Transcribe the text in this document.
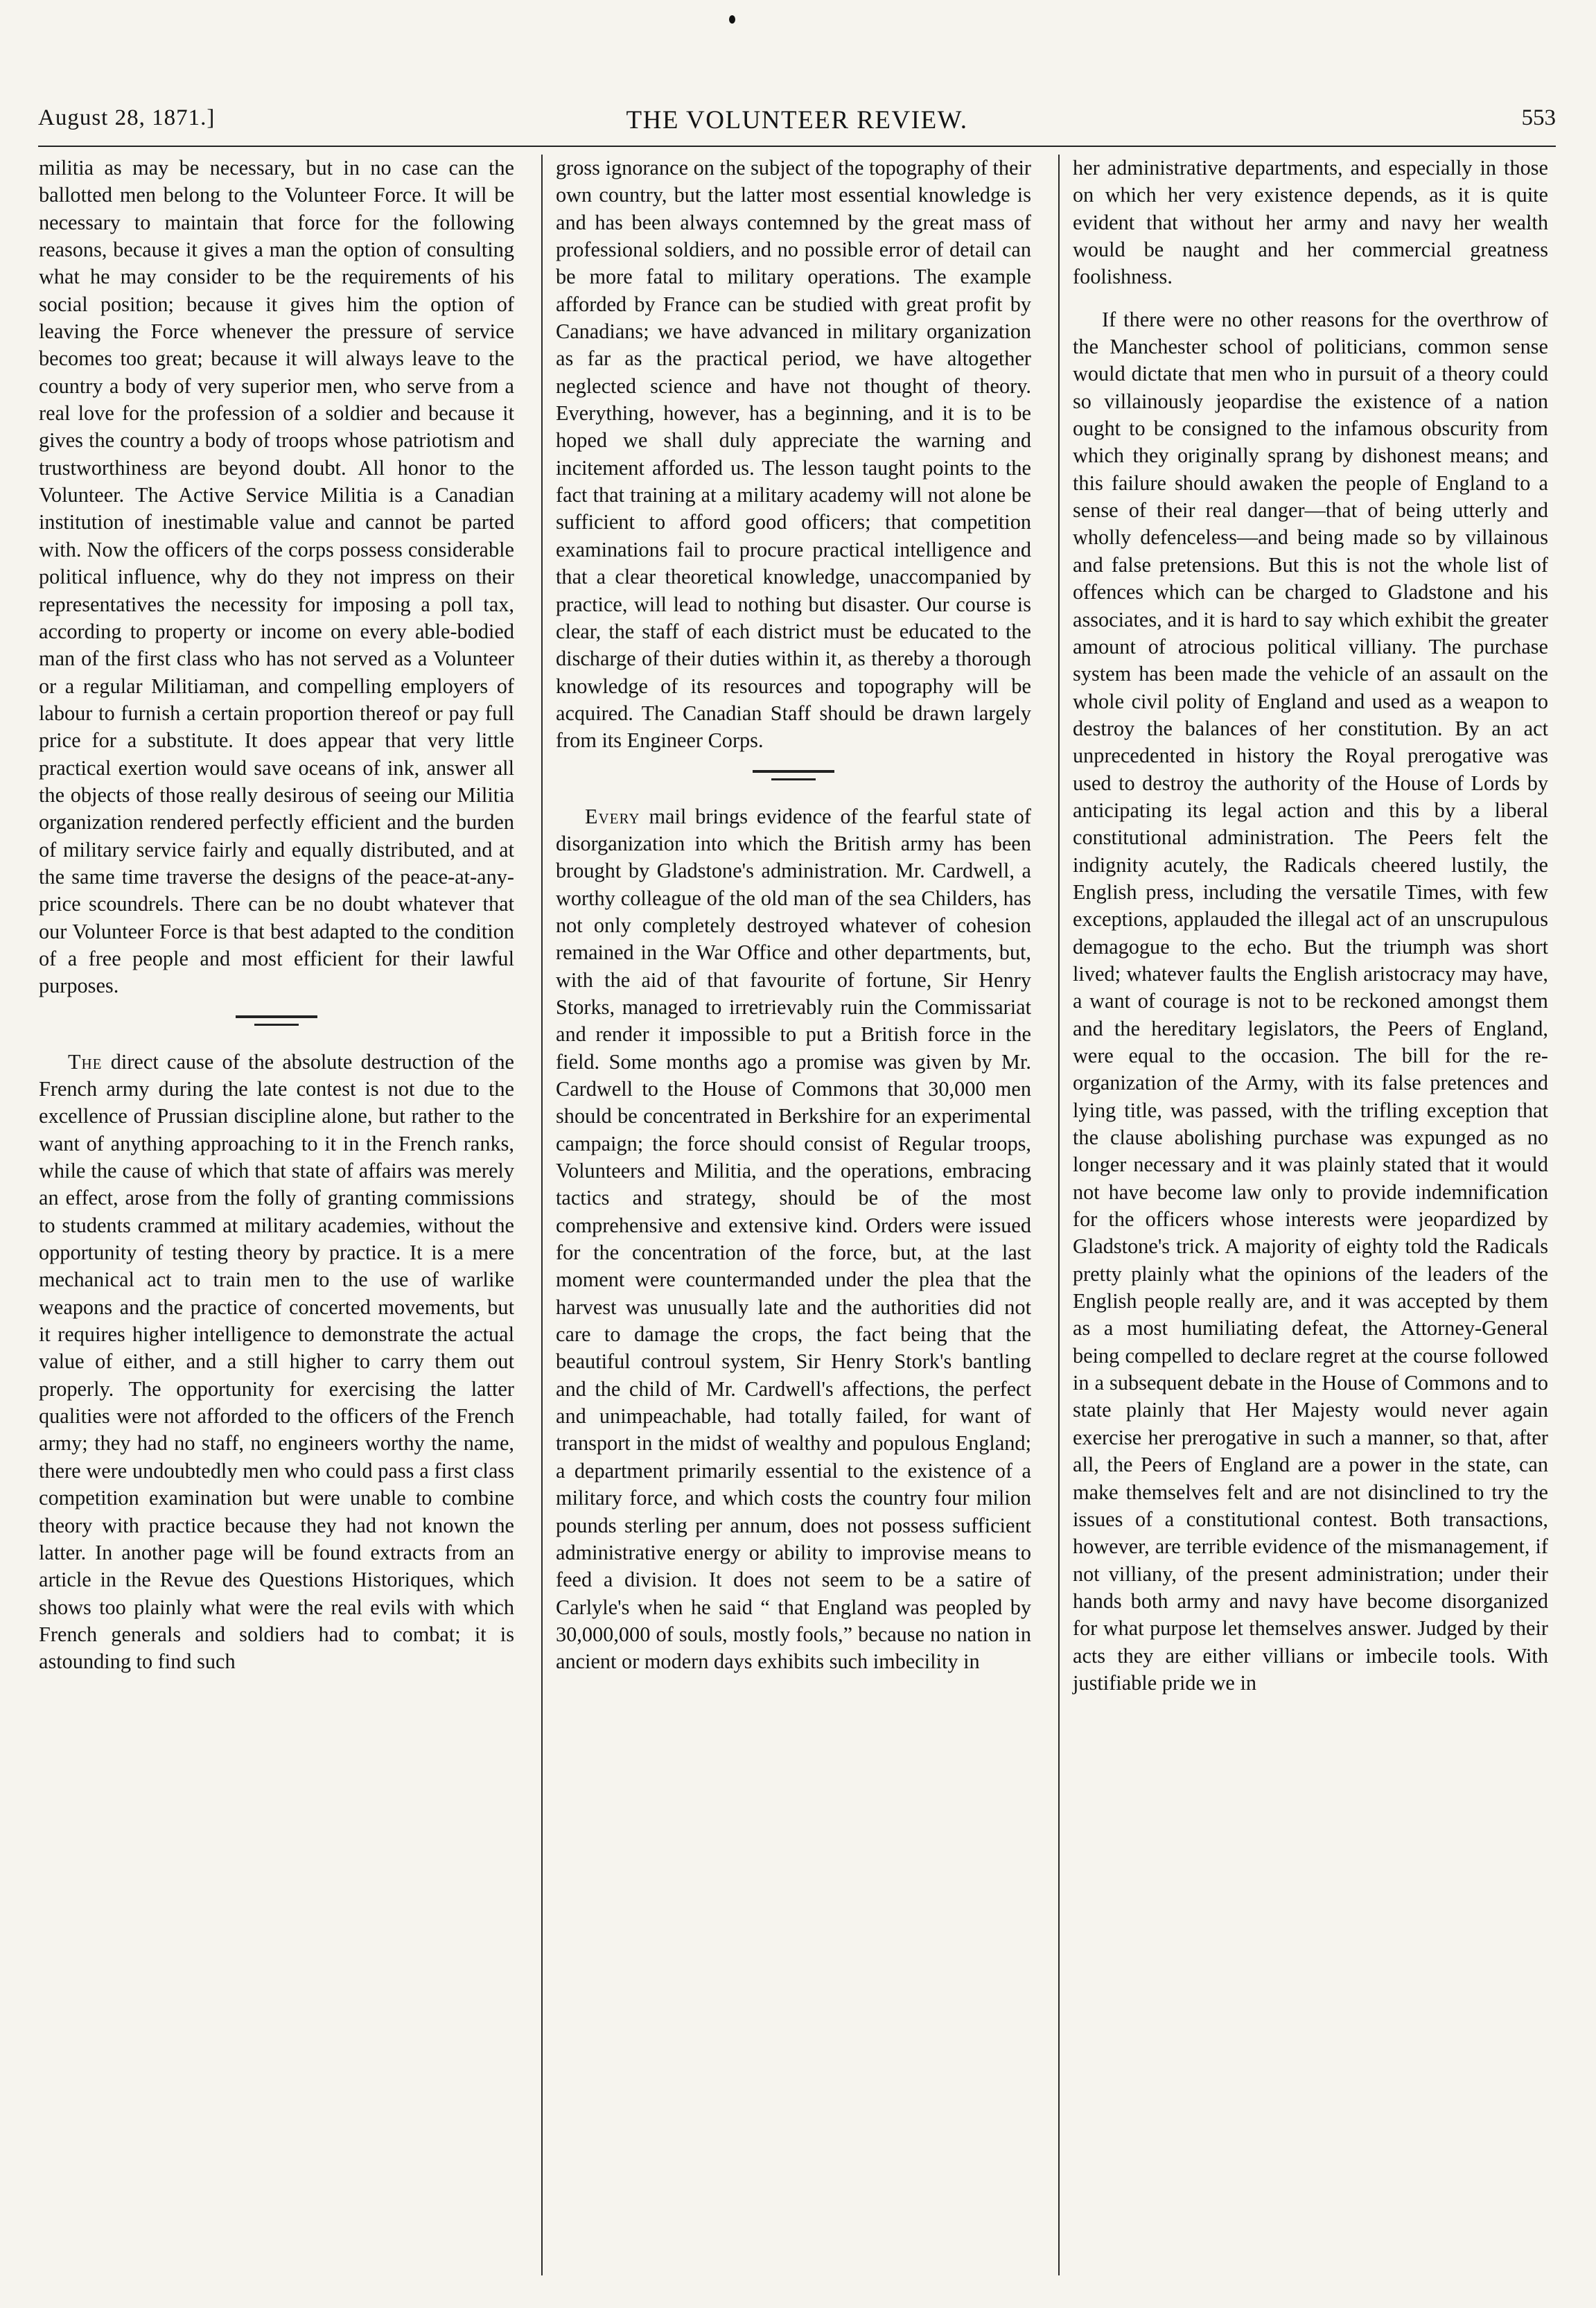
August 28, 1871.]	THE VOLUNTEER REVIEW.	553

militia as may be necessary, but in no case can the ballotted men belong to the Volunteer Force. It will be necessary to maintain that force for the following reasons, because it gives a man the option of consulting what he may consider to be the requirements of his social position; because it gives him the option of leaving the Force whenever the pressure of service becomes too great; because it will always leave to the country a body of very superior men, who serve from a real love for the profession of a soldier and because it gives the country a body of troops whose patriotism and trustworthiness are beyond doubt. All honor to the Volunteer. The Active Service Militia is a Canadian institution of inestimable value and cannot be parted with. Now the officers of the corps possess considerable political influence, why do they not impress on their representatives the necessity for imposing a poll tax, according to property or income on every able-bodied man of the first class who has not served as a Volunteer or a regular Militiaman, and compelling employers of labour to furnish a certain proportion thereof or pay full price for a substitute. It does appear that very little practical exertion would save oceans of ink, answer all the objects of those really desirous of seeing our Militia organization rendered perfectly efficient and the burden of military service fairly and equally distributed, and at the same time traverse the designs of the peace-at-any-price scoundrels. There can be no doubt whatever that our Volunteer Force is that best adapted to the condition of a free people and most efficient for their lawful purposes.

The direct cause of the absolute destruction of the French army during the late contest is not due to the excellence of Prussian discipline alone, but rather to the want of anything approaching to it in the French ranks, while the cause of which that state of affairs was merely an effect, arose from the folly of granting commissions to students crammed at military academies, without the opportunity of testing theory by practice. It is a mere mechanical act to train men to the use of warlike weapons and the practice of concerted movements, but it requires higher intelligence to demonstrate the actual value of either, and a still higher to carry them out properly. The opportunity for exercising the latter qualities were not afforded to the officers of the French army; they had no staff, no engineers worthy the name, there were undoubtedly men who could pass a first class competition examination but were unable to combine theory with practice because they had not known the latter. In another page will be found extracts from an article in the Revue des Questions Historiques, which shows too plainly what were the real evils with which French generals and soldiers had to combat; it is astounding to find such

gross ignorance on the subject of the topography of their own country, but the latter most essential knowledge is and has been always contemned by the great mass of professional soldiers, and no possible error of detail can be more fatal to military operations. The example afforded by France can be studied with great profit by Canadians; we have advanced in military organization as far as the practical period, we have altogether neglected science and have not thought of theory. Everything, however, has a beginning, and it is to be hoped we shall duly appreciate the warning and incitement afforded us. The lesson taught points to the fact that training at a military academy will not alone be sufficient to afford good officers; that competition examinations fail to procure practical intelligence and that a clear theoretical knowledge, unaccompanied by practice, will lead to nothing but disaster. Our course is clear, the staff of each district must be educated to the discharge of their duties within it, as thereby a thorough knowledge of its resources and topography will be acquired. The Canadian Staff should be drawn largely from its Engineer Corps.

Every mail brings evidence of the fearful state of disorganization into which the British army has been brought by Gladstone's administration. Mr. Cardwell, a worthy colleague of the old man of the sea Childers, has not only completely destroyed whatever of cohesion remained in the War Office and other departments, but, with the aid of that favourite of fortune, Sir Henry Storks, managed to irretrievably ruin the Commissariat and render it impossible to put a British force in the field. Some months ago a promise was given by Mr. Cardwell to the House of Commons that 30,000 men should be concentrated in Berkshire for an experimental campaign; the force should consist of Regular troops, Volunteers and Militia, and the operations, embracing tactics and strategy, should be of the most comprehensive and extensive kind. Orders were issued for the concentration of the force, but, at the last moment were countermanded under the plea that the harvest was unusually late and the authorities did not care to damage the crops, the fact being that the beautiful controul system, Sir Henry Stork's bantling and the child of Mr. Cardwell's affections, the perfect and unimpeachable, had totally failed, for want of transport in the midst of wealthy and populous England; a department primarily essential to the existence of a military force, and which costs the country four milion pounds sterling per annum, does not possess sufficient administrative energy or ability to improvise means to feed a division. It does not seem to be a satire of Carlyle's when he said “ that England was peopled by 30,000,000 of souls, mostly fools,” because no nation in ancient or modern days exhibits such imbecility in

her administrative departments, and especially in those on which her very existence depends, as it is quite evident that without her army and navy her wealth would be naught and her commercial greatness foolishness.

If there were no other reasons for the overthrow of the Manchester school of politicians, common sense would dictate that men who in pursuit of a theory could so villainously jeopardise the existence of a nation ought to be consigned to the infamous obscurity from which they originally sprang by dishonest means; and this failure should awaken the people of England to a sense of their real danger—that of being utterly and wholly defenceless—and being made so by villainous and false pretensions. But this is not the whole list of offences which can be charged to Gladstone and his associates, and it is hard to say which exhibit the greater amount of atrocious political villiany. The purchase system has been made the vehicle of an assault on the whole civil polity of England and used as a weapon to destroy the balances of her constitution. By an act unprecedented in history the Royal prerogative was used to destroy the authority of the House of Lords by anticipating its legal action and this by a liberal constitutional administration. The Peers felt the indignity acutely, the Radicals cheered lustily, the English press, including the versatile Times, with few exceptions, applauded the illegal act of an unscrupulous demagogue to the echo. But the triumph was short lived; whatever faults the English aristocracy may have, a want of courage is not to be reckoned amongst them and the hereditary legislators, the Peers of England, were equal to the occasion. The bill for the re-organization of the Army, with its false pretences and lying title, was passed, with the trifling exception that the clause abolishing purchase was expunged as no longer necessary and it was plainly stated that it would not have become law only to provide indemnification for the officers whose interests were jeopardized by Gladstone's trick. A majority of eighty told the Radicals pretty plainly what the opinions of the leaders of the English people really are, and it was accepted by them as a most humiliating defeat, the Attorney-General being compelled to declare regret at the course followed in a subsequent debate in the House of Commons and to state plainly that Her Majesty would never again exercise her prerogative in such a manner, so that, after all, the Peers of England are a power in the state, can make themselves felt and are not disinclined to try the issues of a constitutional contest. Both transactions, however, are terrible evidence of the mismanagement, if not villiany, of the present administration; under their hands both army and navy have become disorganized for what purpose let themselves answer. Judged by their acts they are either villians or imbecile tools. With justifiable pride we in
